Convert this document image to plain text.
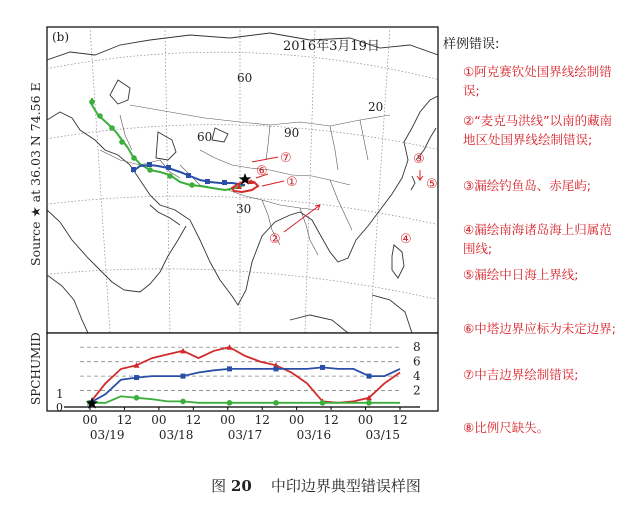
(b)
2016年3月19日
60
20
60	90
30
①
②
③
④
⑤
⑥
⑦
Source ★ at 36.03 N 74.56 E
8
6
4
2
1
0
SPCHUMID
00 12 00 12 00 12 00 12 00 12
03/19	03/18	03/17	03/16	03/15
样例错误:
①阿克赛钦处国界线绘制错误;
②“麦克马洪线”以南的藏南地区处国界线绘制错误;
③漏绘钓鱼岛、赤尾屿;
④漏绘南海诸岛海上归属范围线;
⑤漏绘中日海上界线;
⑥中塔边界应标为未定边界;
⑦中吉边界绘制错误;
⑧比例尺缺失。
图 20 中印边界典型错误样图
